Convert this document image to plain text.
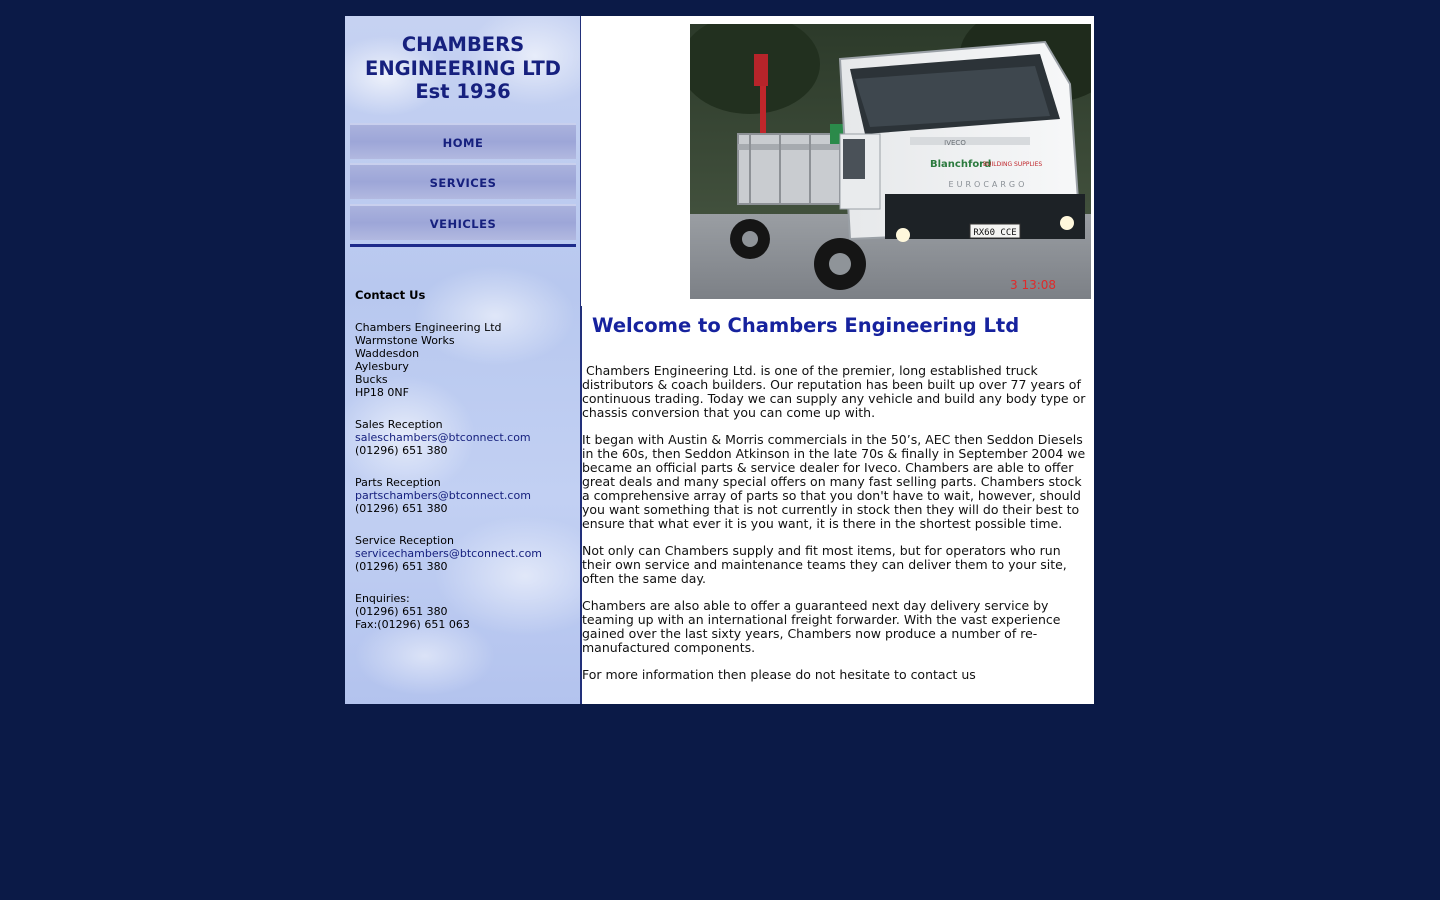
CHAMBERS
ENGINEERING LTD
Est 1936
HOME
SERVICES
VEHICLES
Contact Us
Chambers Engineering Ltd
Warmstone Works
Waddesdon
Aylesbury
Bucks
HP18 0NF
Sales Reception
saleschambers@btconnect.com
(01296) 651 380
Parts Reception
partschambers@btconnect.com
(01296) 651 380
Service Reception
servicechambers@btconnect.com
(01296) 651 380
Enquiries:
(01296) 651 380
Fax:(01296) 651 063
IVECO
Blanchford
BUILDING SUPPLIES
EUROCARGO
RX60 CCE
3 13:08
Welcome to Chambers Engineering Ltd

Chambers Engineering Ltd. is one of the premier, long established truck distributors & coach builders. Our reputation has been built up over 77 years of continuous trading. Today we can supply any vehicle and build any body type or chassis conversion that you can come up with.

It began with Austin & Morris commercials in the 50’s, AEC then Seddon Diesels in the 60s, then Seddon Atkinson in the late 70s & finally in September 2004 we became an official parts & service dealer for Iveco. Chambers are able to offer great deals and many special offers on many fast selling parts. Chambers stock a comprehensive array of parts so that you don't have to wait, however, should you want something that is not currently in stock then they will do their best to ensure that what ever it is you want, it is there in the shortest possible time.

Not only can Chambers supply and fit most items, but for operators who run their own service and maintenance teams they can deliver them to your site, often the same day.

Chambers are also able to offer a guaranteed next day delivery service by teaming up with an international freight forwarder. With the vast experience gained over the last sixty years, Chambers now produce a number of re-manufactured components.

For more information then please do not hesitate to contact us
